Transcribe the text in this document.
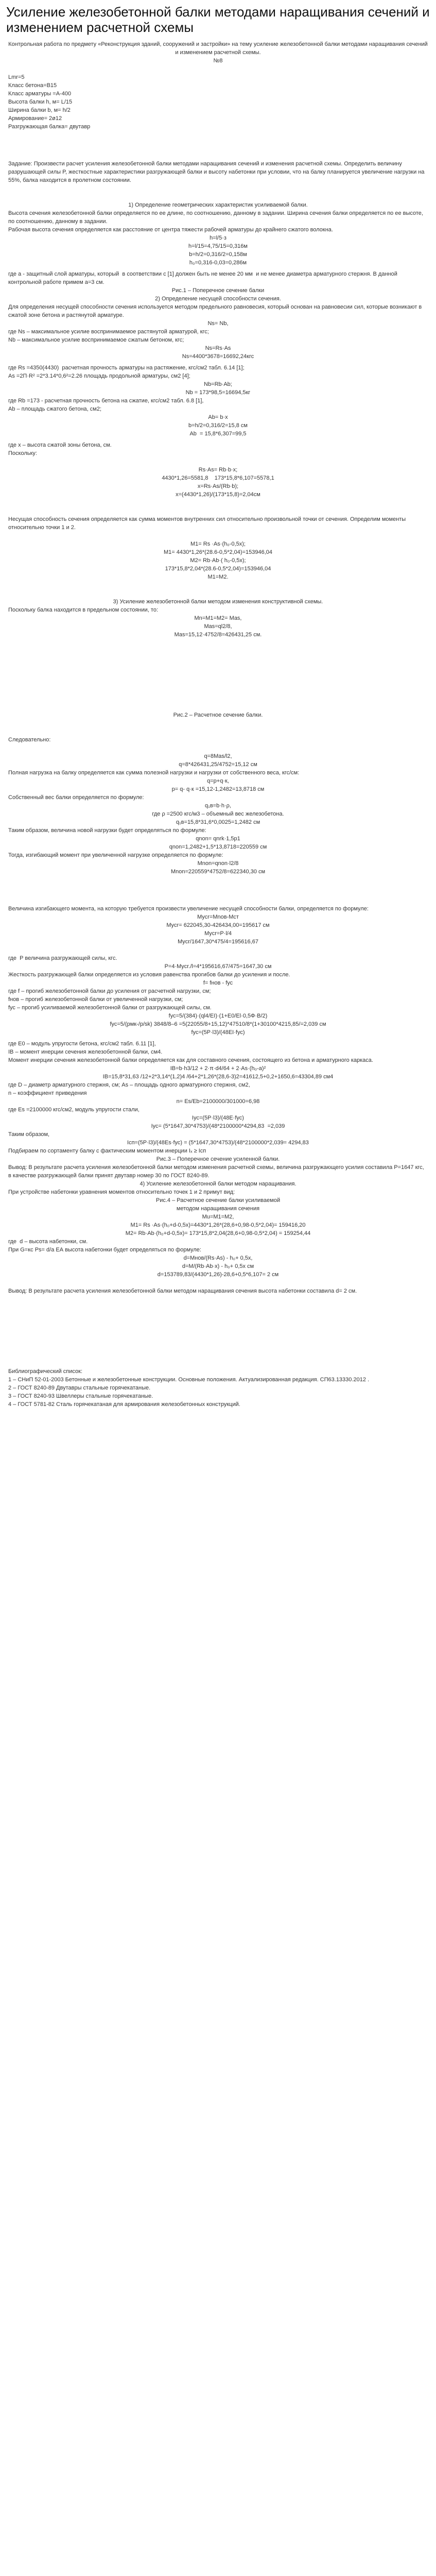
Усиление железобетонной балки методами наращивания сечений и изменением расчетной схемы

Контрольная работа по предмету «Реконструкция зданий, сооружений и застройки» на тему усиление железобетонной балки методами наращивания сечений и изменением расчетной схемы.

№8

Lmr=5

Класс бетона=В15

Класс арматуры =А-400

Высота балки h, м= L/15

Ширина балки b, м= h/2

Армирование= 2ø12

Разгружающая балка= двутавр

Задание: Произвести расчет усиления железобетонной балки методами наращивания сечений и изменения расчетной схемы. Определить величину разрушающей силы P, жесткостные характеристики разгружающей балки и высоту набетонки при условии, что на балку планируется увеличение нагрузки на 55%, балка находится в пролетном состоянии.

1) Определение геометрических характеристик усиливаемой балки.

Высота сечения железобетонной балки определяется по ее длине, по соотношению, данному в задании. Ширина сечения балки определяется по ее высоте, по соотношению, данному в задании.

Рабочая высота сечения определяется как расстояние от центра тяжести рабочей арматуры до крайнего сжатого волокна.

h=l/5·з

h=l/15=4,75/15=0,316м

b=h/2=0,316/2=0,158м

h₀=0,316-0,03=0,286м

где а - защитный слой арматуры, который  в соответствии с [1] должен быть не менее 20 мм  и не менее диаметра арматурного стержня. В данной контрольной работе примем а=3 см.

Рис.1 – Поперечное сечение балки

2) Определение несущей способности сечения.

Для определения несущей способности сечения используется методом предельного равновесия, который основан на равновесии сил, которые возникают в сжатой зоне бетона и растянутой арматуре.

Ns= Nb,

где Ns – максимальное усилие воспринимаемое растянутой арматурой, кгс;

Nb – максимальное усилие воспринимаемое сжатым бетоном, кгс;

Ns=Rs·As

Ns=4400*3678=16692,24кгс

где Rs =4350(4430)  расчетная прочность арматуры на растяжение, кгс/см2 табл. 6.14 [1];

As =2Π·R² =2*3.14*0,6²=2.26 площадь продольной арматуры, см2 [4];

Nb=Rb·Ab;

Nb = 173*98,5=16694,5кг

где Rb =173 - расчетная прочность бетона на сжатие, кгс/см2 табл. 6.8 [1],

Ab – площадь сжатого бетона, см2;

Ab= b·x

b=h/2=0,316/2=15,8 см

Ab  = 15,8*6,307=99,5

где x – высота сжатой зоны бетона, см.

Поскольку:

Rs·As= Rb·b·x;

4430*1,26=5581,8    173*15,8*6,107=5578,1

x=Rs·As/(Rb·b);

x=(4430*1,26)/(173*15,8)=2,04см

Несущая способность сечения определяется как сумма моментов внутренних сил относительно произвольной точки от сечения. Определим моменты относительно точки 1 и 2.

M1= Rs ·As·(h₀-0,5x);

M1= 4430*1,26*(28.6-0,5*2,04)=153946,04

M2= Rb·Ab·( h₀-0,5x);

173*15,8*2,04*(28.6-0,5*2,04)=153946,04

M1=M2.

3) Усиление железобетонной балки методом изменения конструктивной схемы.

Поскольку балка находится в предельном состоянии, то:

Mn=M1=M2= Mas,

Mas=ql2/8,

Mas=15,12·4752/8=426431,25 см.

Рис.2 – Расчетное сечение балки.

Следовательно:

q=8Mas/l2,

q=8*426431,25/4752=15,12 см

Полная нагрузка на балку определяется как сумма полезной нагрузки и нагрузки от собственного веса, кгс/см:

q=p+q·к,

p= q- q·к =15,12-1,2482=13,8718 см

Собственный вес балки определяется по формуле:

q₁в=b·h·ρ,

где ρ =2500 кгс/м3 – объемный вес железобетона.

q₁в=15,8*31,6*0,0025=1,2482 см

Таким образом, величина новой нагрузки будет определяться по формуле:

qnon= qnrk·1,5p1

qnon=1,2482+1,5*13,8718=220559 см

Тогда, изгибающий момент при увеличенной нагрузке определяется по формуле:

Mnon=qnon·l2/8

Mnon=220559*4752/8=622340,30 см

Величина изгибающего момента, на которую требуется произвести увеличение несущей способности балки, определяется по формуле:

Mycr=Mnoв-Mcт

Mycr= 622045,30-426434,00=195617 см

Mycr=P·l/4

Mycr/1647,30*475/4=195616,67

где  P величина разгружающей силы, кгс.

P=4·Mycr./l=4*195616,67/475=1647,30 см

Жесткость разгружающей балки определяется из условия равенства прогибов балки до усиления и после.

f= fнов - fус

где f – прогиб железобетонной балки до усиления от расчетной нагрузки, см;

fнов – прогиб железобетонной балки от увеличенной нагрузки, см;

fус – прогиб усиливаемой железобетонной балки от разгружающей силы, см.

fус=5/(384)·(ql4/EI)·(1+E0/El·0,5Ф·B/2)

fус=5/(pмк-/p/sk) 3848/8–6 =5(22055/8+15,12)*47510/8*(1+30100*4215,85/=2,039 см

fус=(5P·l3)/(48EI·fус)

где E0 – модуль упругости бетона, кгс/см2 табл. 6.11 [1],

IB – момент инерции сечения железобетонной балки, см4.

Момент инерции сечения железобетонной балки определяется как для составного сечения, состоящего из бетона и арматурного каркаса.

IB=b·h3/12 + 2·π·d4/64 + 2·As·(h₀-a)²

IB=15,8*31,63 /12+2*3,14*(1,2)4 /64+2*1,26*(28,6-3)2=41612,5+0,2+1650,6=43304,89 см4

где D – диаметр арматурного стержня, см; As – площадь одного арматурного стержня, см2,

n – коэффициент приведения

n= Es/Eb=2100000/301000=6,98

где Es =2100000 кгс/см2, модуль упругости стали,

Iус=(5P·l3)/(48E·fус)

Iус= (5*1647,30*4753)/(48*2100000*4294,83  =2,039

Таким образом,

Iсп=(5P·l3)/(48Es·fус) = (5*1647,30*4753)/(48*2100000*2,039= 4294,83

Подбираем по сортаменту балку с фактическим моментом инерции Iₓ ≥ Iсп

Рис.3 – Поперечное сечение усиленной балки.

Вывод: В результате расчета усиления железобетонной балки методом изменения расчетной схемы, величина разгружающего усилия составила P=1647 кгс, в качестве разгружающей балки принят двутавр номер 30 по ГОСТ 8240-89.

4) Усиление железобетонной балки методом наращивания.

При устройстве набетонки уравнения моментов относительно точек 1 и 2 примут вид:

Рис.4 – Расчетное сечение балки усиливаемой

методом наращивания сечения

Mu=M1=M2,

M1= Rs ·As·(h₀+d-0,5x)=4430*1,26*(28,6+0,98-0,5*2,04)= 159416,20

M2= Rb·Ab·(h₀+d-0,5x)= 173*15,8*2,04(28,6+0,98-0,5*2,04) = 159254,44

где  d – высота набетонки, см.

При G=кс Ps= d/a ЕА высота набетонки будет определяться по формуле:

d=Mнов/(Rs·As) - h₀+ 0,5x,

d=M/(Rb·Ab·x) - h₀+ 0,5x см

d=153789,83/(4430*1,26)-28,6+0,5*6,107= 2 см

Вывод: В результате расчета усиления железобетонной балки методом наращивания сечения высота набетонки составила d= 2 см.

Библиографический список:

1 – СНиП 52-01-2003 Бетонные и железобетонные конструкции. Основные положения. Актуализированная редакция. СП63.13330.2012 .

2 – ГОСТ 8240-89 Двутавры стальные горячекатаные.

3 – ГОСТ 8240-93 Швеллеры стальные горячекатаные.

4 – ГОСТ 5781-82 Сталь горячекатаная для армирования железобетонных конструкций.
